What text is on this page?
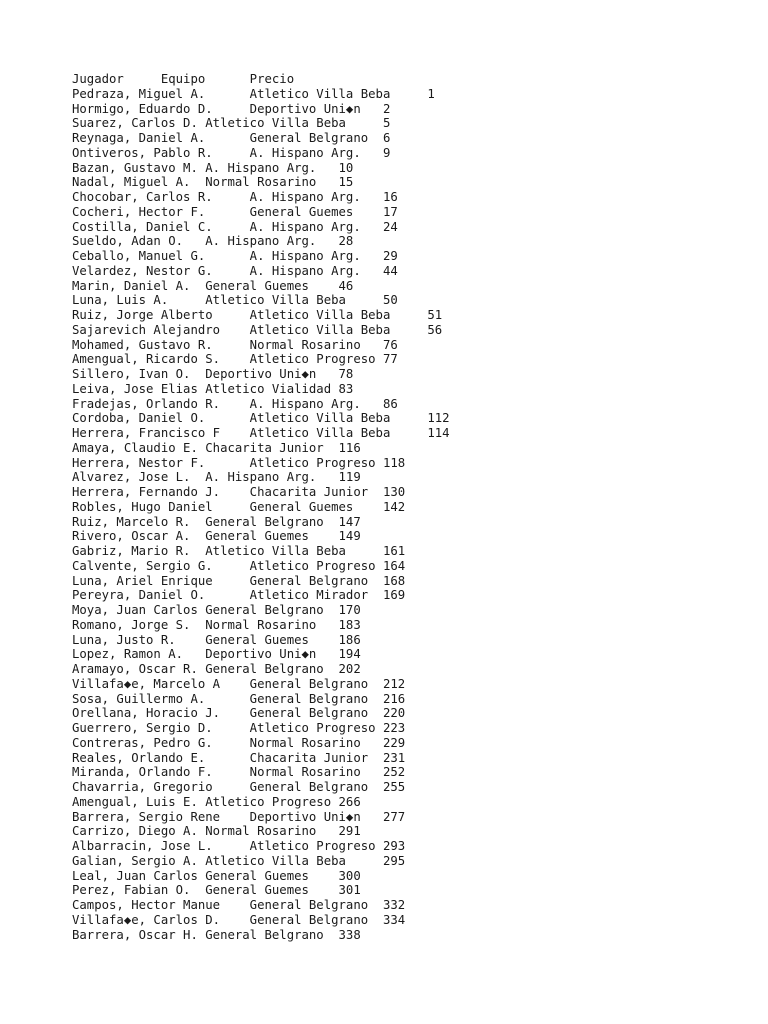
Jugador     Equipo      Precio
Pedraza, Miguel A.      Atletico Villa Beba     1
Hormigo, Eduardo D.     Deportivo Uni◆n   2
Suarez, Carlos D. Atletico Villa Beba     5
Reynaga, Daniel A.      General Belgrano  6
Ontiveros, Pablo R.     A. Hispano Arg.   9
Bazan, Gustavo M. A. Hispano Arg.   10
Nadal, Miguel A.  Normal Rosarino   15
Chocobar, Carlos R.     A. Hispano Arg.   16
Cocheri, Hector F.      General Guemes    17
Costilla, Daniel C.     A. Hispano Arg.   24
Sueldo, Adan O.   A. Hispano Arg.   28
Ceballo, Manuel G.      A. Hispano Arg.   29
Velardez, Nestor G.     A. Hispano Arg.   44
Marin, Daniel A.  General Guemes    46
Luna, Luis A.     Atletico Villa Beba     50
Ruiz, Jorge Alberto     Atletico Villa Beba     51
Sajarevich Alejandro    Atletico Villa Beba     56
Mohamed, Gustavo R.     Normal Rosarino   76
Amengual, Ricardo S.    Atletico Progreso 77
Sillero, Ivan O.  Deportivo Uni◆n   78
Leiva, Jose Elias Atletico Vialidad 83
Fradejas, Orlando R.    A. Hispano Arg.   86
Cordoba, Daniel O.      Atletico Villa Beba     112
Herrera, Francisco F    Atletico Villa Beba     114
Amaya, Claudio E. Chacarita Junior  116
Herrera, Nestor F.      Atletico Progreso 118
Alvarez, Jose L.  A. Hispano Arg.   119
Herrera, Fernando J.    Chacarita Junior  130
Robles, Hugo Daniel     General Guemes    142
Ruiz, Marcelo R.  General Belgrano  147
Rivero, Oscar A.  General Guemes    149
Gabriz, Mario R.  Atletico Villa Beba     161
Calvente, Sergio G.     Atletico Progreso 164
Luna, Ariel Enrique     General Belgrano  168
Pereyra, Daniel O.      Atletico Mirador  169
Moya, Juan Carlos General Belgrano  170
Romano, Jorge S.  Normal Rosarino   183
Luna, Justo R.    General Guemes    186
Lopez, Ramon A.   Deportivo Uni◆n   194
Aramayo, Oscar R. General Belgrano  202
Villafa◆e, Marcelo A    General Belgrano  212
Sosa, Guillermo A.      General Belgrano  216
Orellana, Horacio J.    General Belgrano  220
Guerrero, Sergio D.     Atletico Progreso 223
Contreras, Pedro G.     Normal Rosarino   229
Reales, Orlando E.      Chacarita Junior  231
Miranda, Orlando F.     Normal Rosarino   252
Chavarria, Gregorio     General Belgrano  255
Amengual, Luis E. Atletico Progreso 266
Barrera, Sergio Rene    Deportivo Uni◆n   277
Carrizo, Diego A. Normal Rosarino   291
Albarracin, Jose L.     Atletico Progreso 293
Galian, Sergio A. Atletico Villa Beba     295
Leal, Juan Carlos General Guemes    300
Perez, Fabian O.  General Guemes    301
Campos, Hector Manue    General Belgrano  332
Villafa◆e, Carlos D.    General Belgrano  334
Barrera, Oscar H. General Belgrano  338
